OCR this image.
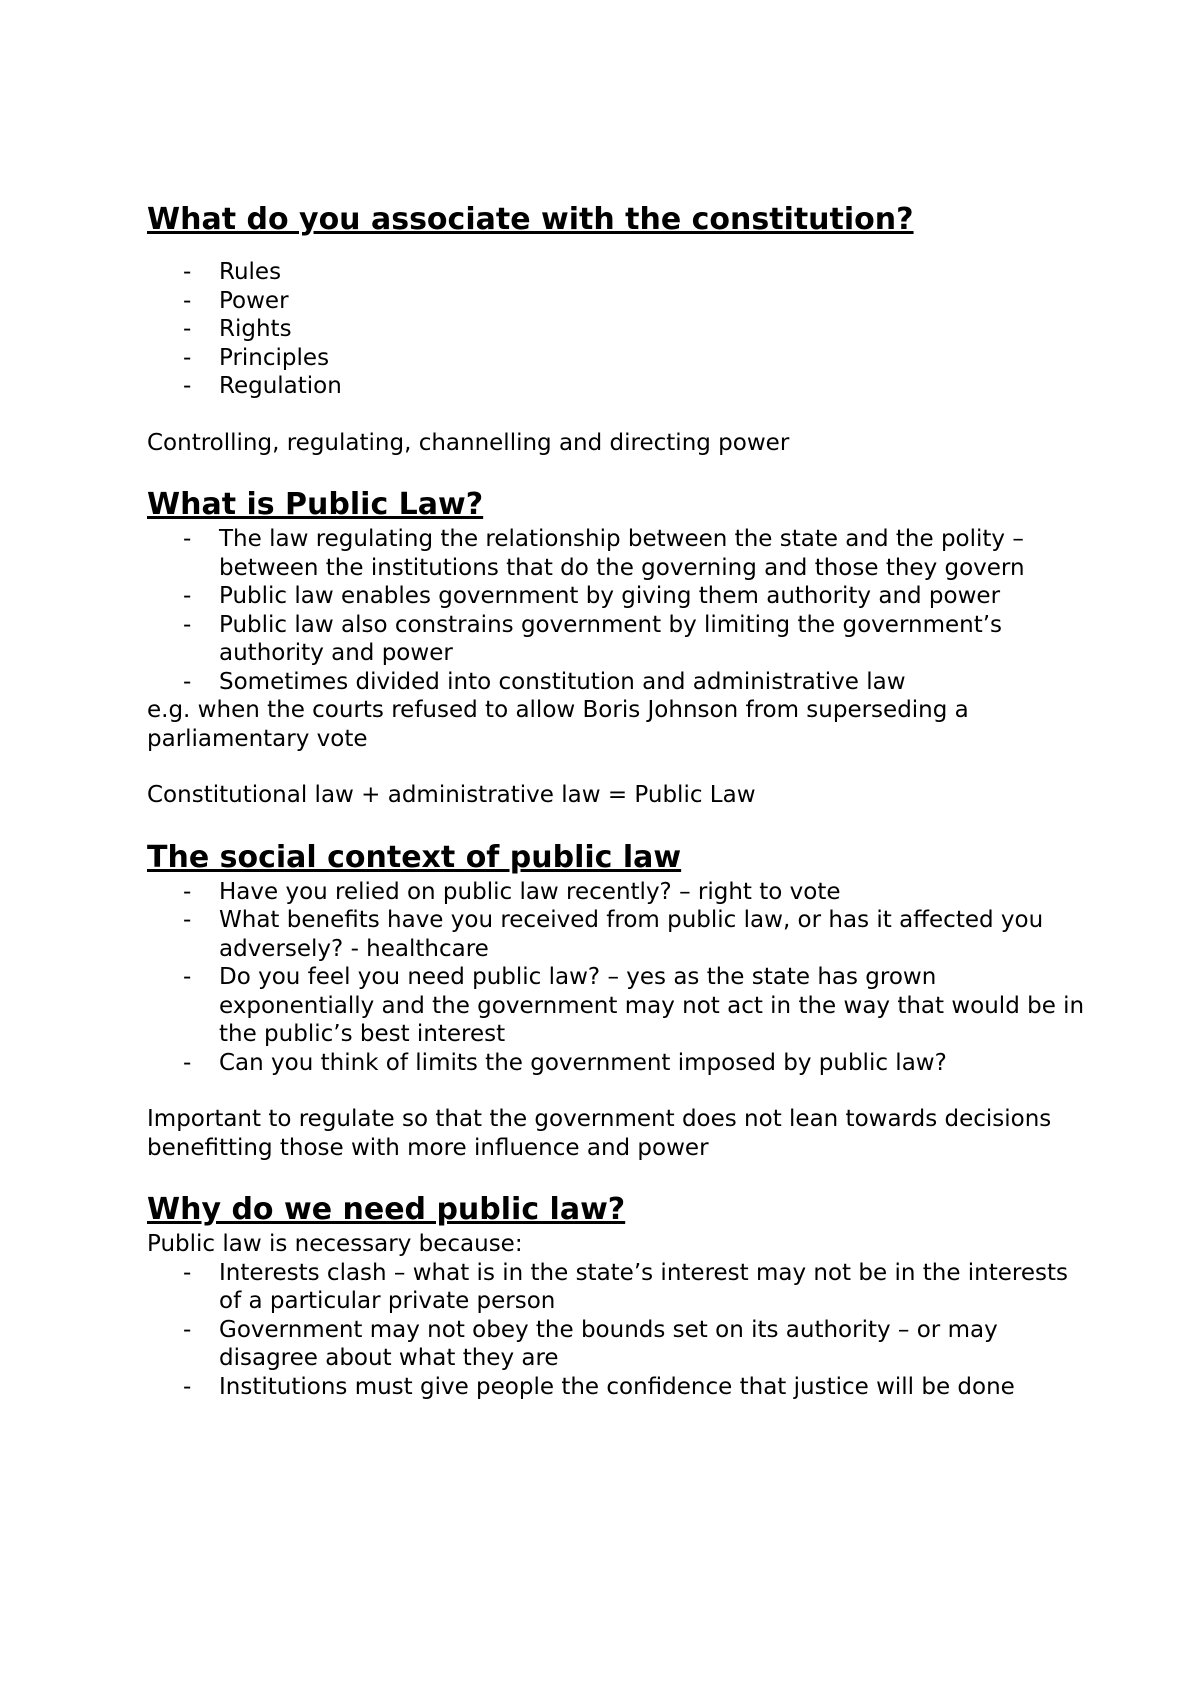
What do you associate with the constitution?
- Rules
- Power
- Rights
- Principles
- Regulation

Controlling, regulating, channelling and directing power

What is Public Law?
- The law regulating the relationship between the state and the polity – between the institutions that do the governing and those they govern
- Public law enables government by giving them authority and power
- Public law also constrains government by limiting the government’s authority and power
- Sometimes divided into constitution and administrative law

e.g. when the courts refused to allow Boris Johnson from superseding a parliamentary vote

Constitutional law + administrative law = Public Law

The social context of public law
- Have you relied on public law recently? – right to vote
- What benefits have you received from public law, or has it affected you adversely? - healthcare
- Do you feel you need public law? – yes as the state has grown exponentially and the government may not act in the way that would be in the public’s best interest
- Can you think of limits the government imposed by public law?

Important to regulate so that the government does not lean towards decisions benefitting those with more influence and power

Why do we need public law?

Public law is necessary because:

- Interests clash – what is in the state’s interest may not be in the interests of a particular private person
- Government may not obey the bounds set on its authority – or may disagree about what they are
- Institutions must give people the confidence that justice will be done
